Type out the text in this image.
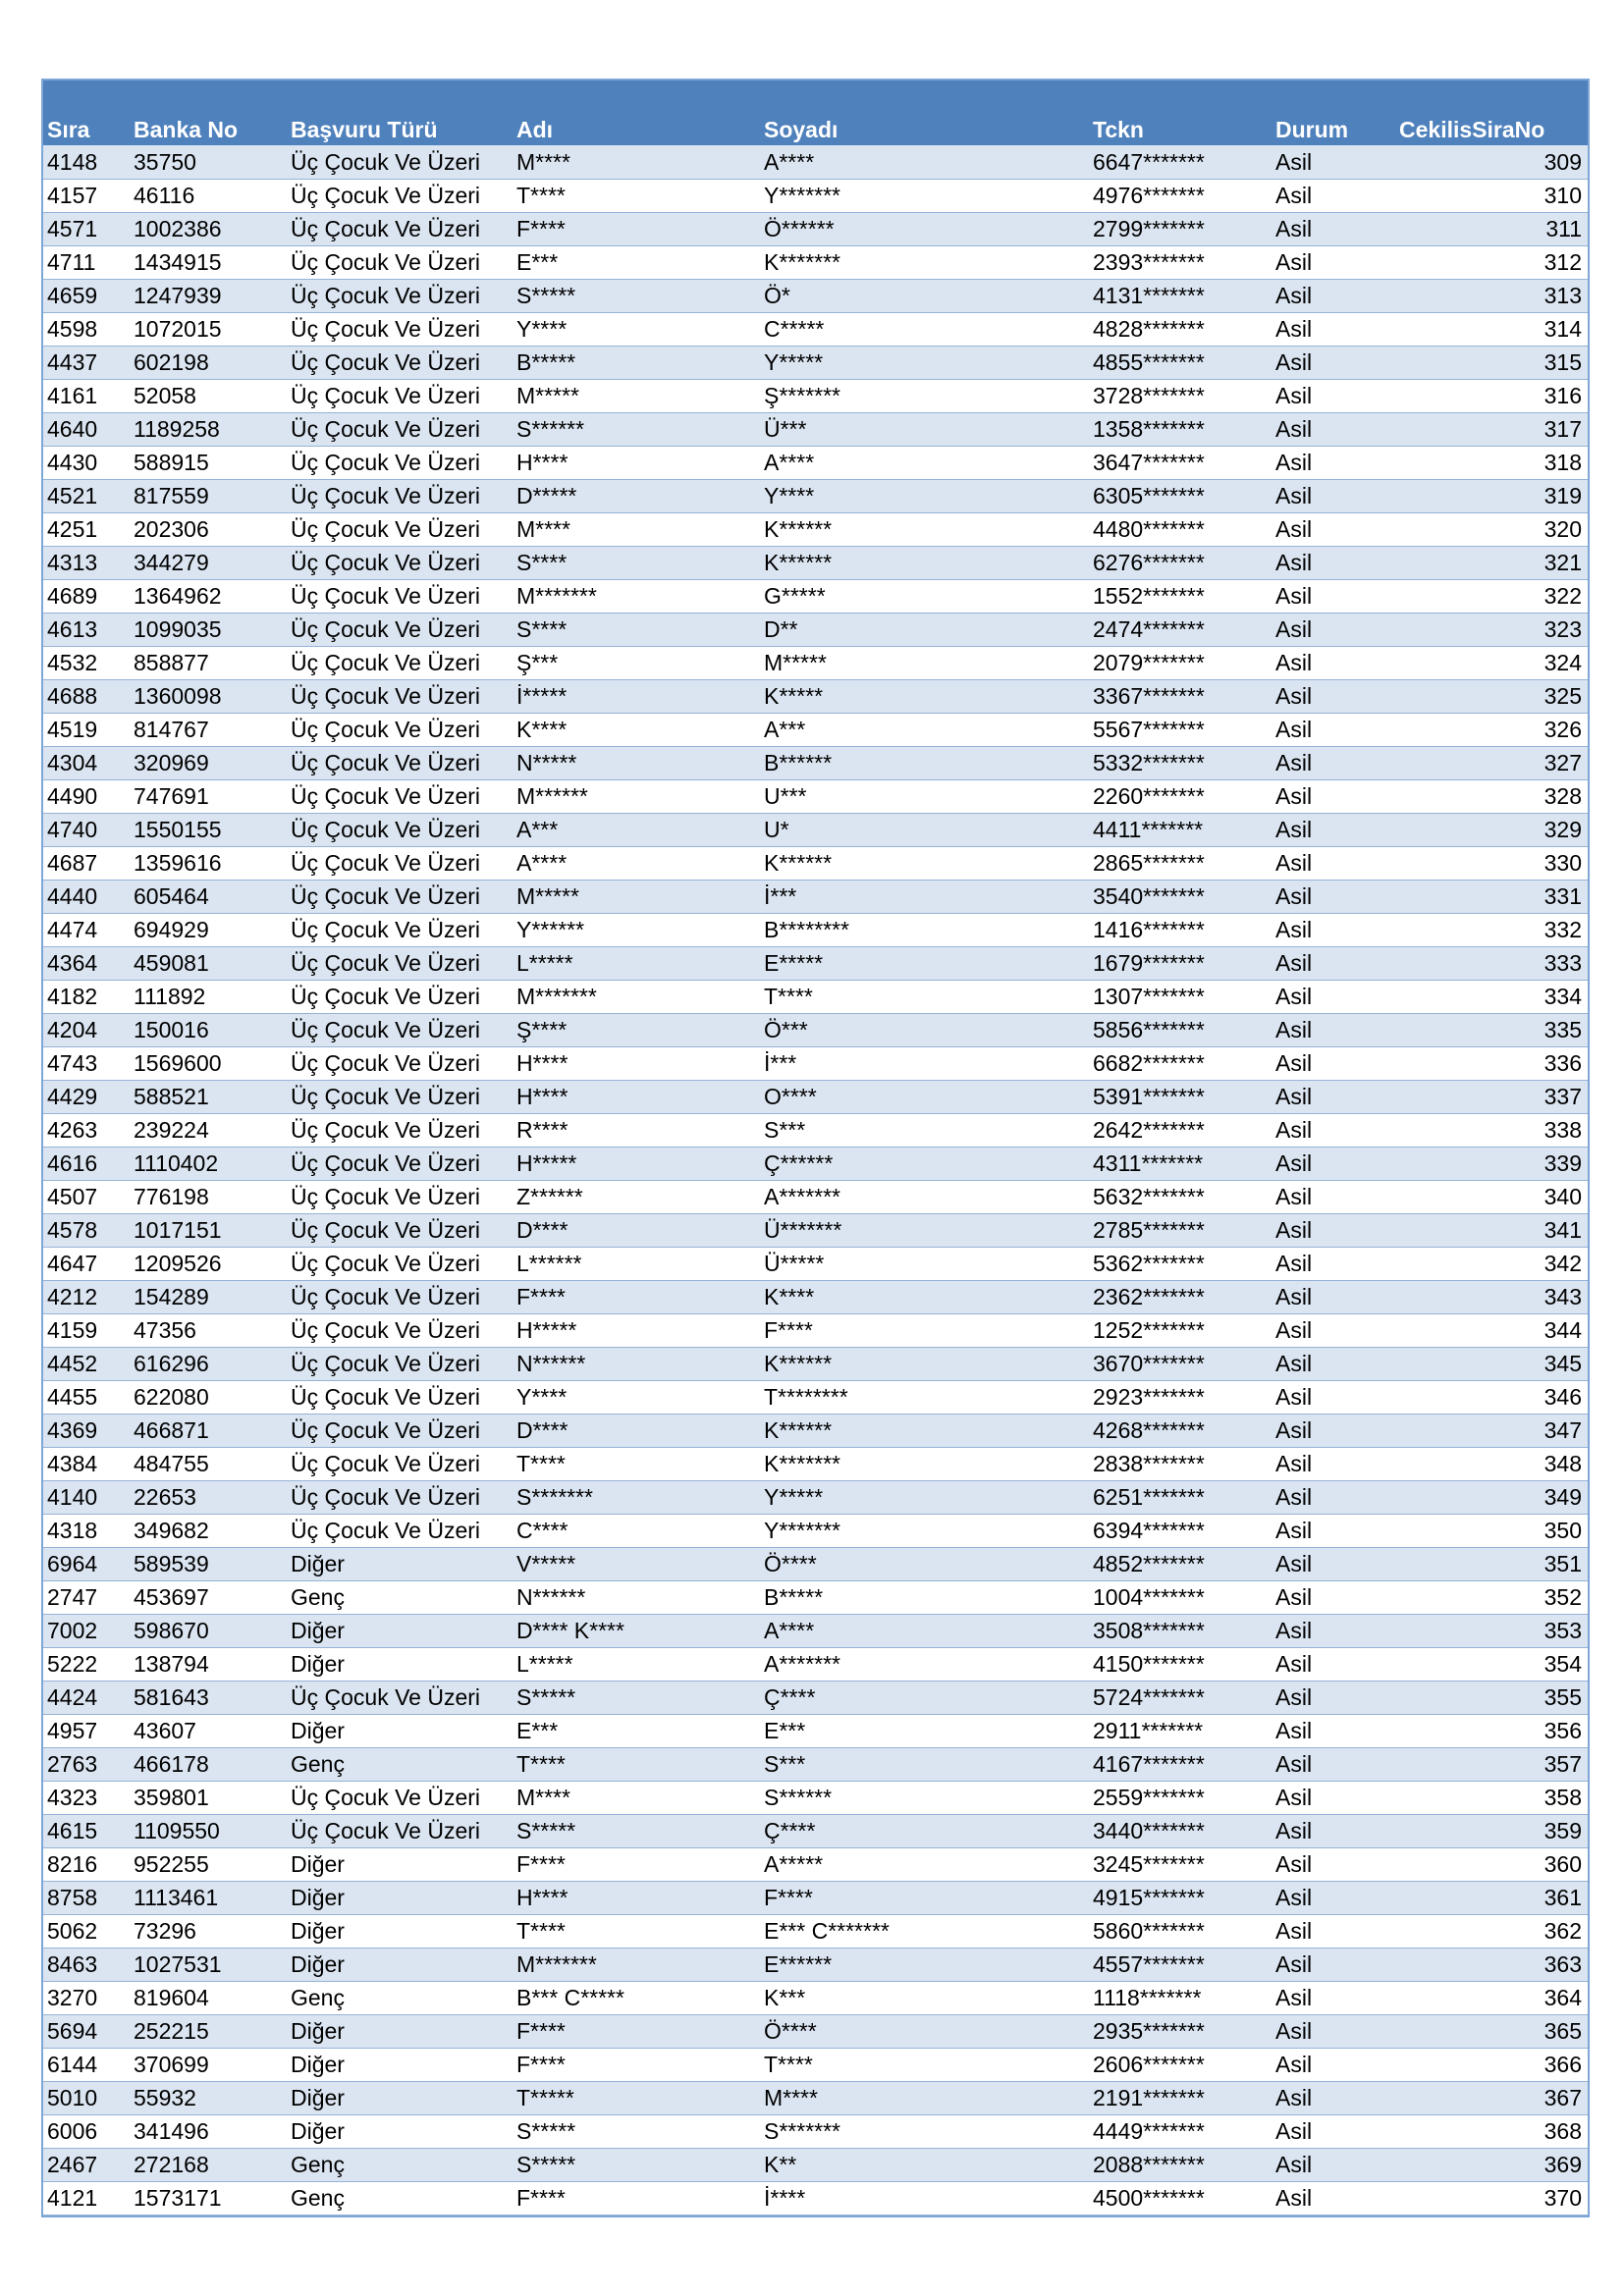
Sıra	Banka No	Başvuru Türü	Adı	Soyadı	Tckn	Durum	CekilisSiraNo
4148	35750	Üç Çocuk Ve Üzeri	M****	A****	6647*******	Asil	309
4157	46116	Üç Çocuk Ve Üzeri	T****	Y*******	4976*******	Asil	310
4571	1002386	Üç Çocuk Ve Üzeri	F****	Ö******	2799*******	Asil	311
4711	1434915	Üç Çocuk Ve Üzeri	E***	K*******	2393*******	Asil	312
4659	1247939	Üç Çocuk Ve Üzeri	S*****	Ö*	4131*******	Asil	313
4598	1072015	Üç Çocuk Ve Üzeri	Y****	C*****	4828*******	Asil	314
4437	602198	Üç Çocuk Ve Üzeri	B*****	Y*****	4855*******	Asil	315
4161	52058	Üç Çocuk Ve Üzeri	M*****	Ş*******	3728*******	Asil	316
4640	1189258	Üç Çocuk Ve Üzeri	S******	Ü***	1358*******	Asil	317
4430	588915	Üç Çocuk Ve Üzeri	H****	A****	3647*******	Asil	318
4521	817559	Üç Çocuk Ve Üzeri	D*****	Y****	6305*******	Asil	319
4251	202306	Üç Çocuk Ve Üzeri	M****	K******	4480*******	Asil	320
4313	344279	Üç Çocuk Ve Üzeri	S****	K******	6276*******	Asil	321
4689	1364962	Üç Çocuk Ve Üzeri	M*******	G*****	1552*******	Asil	322
4613	1099035	Üç Çocuk Ve Üzeri	S****	D**	2474*******	Asil	323
4532	858877	Üç Çocuk Ve Üzeri	Ş***	M*****	2079*******	Asil	324
4688	1360098	Üç Çocuk Ve Üzeri	İ*****	K*****	3367*******	Asil	325
4519	814767	Üç Çocuk Ve Üzeri	K****	A***	5567*******	Asil	326
4304	320969	Üç Çocuk Ve Üzeri	N*****	B******	5332*******	Asil	327
4490	747691	Üç Çocuk Ve Üzeri	M******	U***	2260*******	Asil	328
4740	1550155	Üç Çocuk Ve Üzeri	A***	U*	4411*******	Asil	329
4687	1359616	Üç Çocuk Ve Üzeri	A****	K******	2865*******	Asil	330
4440	605464	Üç Çocuk Ve Üzeri	M*****	İ***	3540*******	Asil	331
4474	694929	Üç Çocuk Ve Üzeri	Y******	B********	1416*******	Asil	332
4364	459081	Üç Çocuk Ve Üzeri	L*****	E*****	1679*******	Asil	333
4182	111892	Üç Çocuk Ve Üzeri	M*******	T****	1307*******	Asil	334
4204	150016	Üç Çocuk Ve Üzeri	Ş****	Ö***	5856*******	Asil	335
4743	1569600	Üç Çocuk Ve Üzeri	H****	İ***	6682*******	Asil	336
4429	588521	Üç Çocuk Ve Üzeri	H****	O****	5391*******	Asil	337
4263	239224	Üç Çocuk Ve Üzeri	R****	S***	2642*******	Asil	338
4616	1110402	Üç Çocuk Ve Üzeri	H*****	Ç******	4311*******	Asil	339
4507	776198	Üç Çocuk Ve Üzeri	Z******	A*******	5632*******	Asil	340
4578	1017151	Üç Çocuk Ve Üzeri	D****	Ü*******	2785*******	Asil	341
4647	1209526	Üç Çocuk Ve Üzeri	L******	Ü*****	5362*******	Asil	342
4212	154289	Üç Çocuk Ve Üzeri	F****	K****	2362*******	Asil	343
4159	47356	Üç Çocuk Ve Üzeri	H*****	F****	1252*******	Asil	344
4452	616296	Üç Çocuk Ve Üzeri	N******	K******	3670*******	Asil	345
4455	622080	Üç Çocuk Ve Üzeri	Y****	T********	2923*******	Asil	346
4369	466871	Üç Çocuk Ve Üzeri	D****	K******	4268*******	Asil	347
4384	484755	Üç Çocuk Ve Üzeri	T****	K*******	2838*******	Asil	348
4140	22653	Üç Çocuk Ve Üzeri	S*******	Y*****	6251*******	Asil	349
4318	349682	Üç Çocuk Ve Üzeri	C****	Y*******	6394*******	Asil	350
6964	589539	Diğer	V*****	Ö****	4852*******	Asil	351
2747	453697	Genç	N******	B*****	1004*******	Asil	352
7002	598670	Diğer	D**** K****	A****	3508*******	Asil	353
5222	138794	Diğer	L*****	A*******	4150*******	Asil	354
4424	581643	Üç Çocuk Ve Üzeri	S*****	Ç****	5724*******	Asil	355
4957	43607	Diğer	E***	E***	2911*******	Asil	356
2763	466178	Genç	T****	S***	4167*******	Asil	357
4323	359801	Üç Çocuk Ve Üzeri	M****	S******	2559*******	Asil	358
4615	1109550	Üç Çocuk Ve Üzeri	S*****	Ç****	3440*******	Asil	359
8216	952255	Diğer	F****	A*****	3245*******	Asil	360
8758	1113461	Diğer	H****	F****	4915*******	Asil	361
5062	73296	Diğer	T****	E*** C*******	5860*******	Asil	362
8463	1027531	Diğer	M*******	E******	4557*******	Asil	363
3270	819604	Genç	B*** C*****	K***	1118*******	Asil	364
5694	252215	Diğer	F****	Ö****	2935*******	Asil	365
6144	370699	Diğer	F****	T****	2606*******	Asil	366
5010	55932	Diğer	T*****	M****	2191*******	Asil	367
6006	341496	Diğer	S*****	S*******	4449*******	Asil	368
2467	272168	Genç	S*****	K**	2088*******	Asil	369
4121	1573171	Genç	F****	İ****	4500*******	Asil	370
